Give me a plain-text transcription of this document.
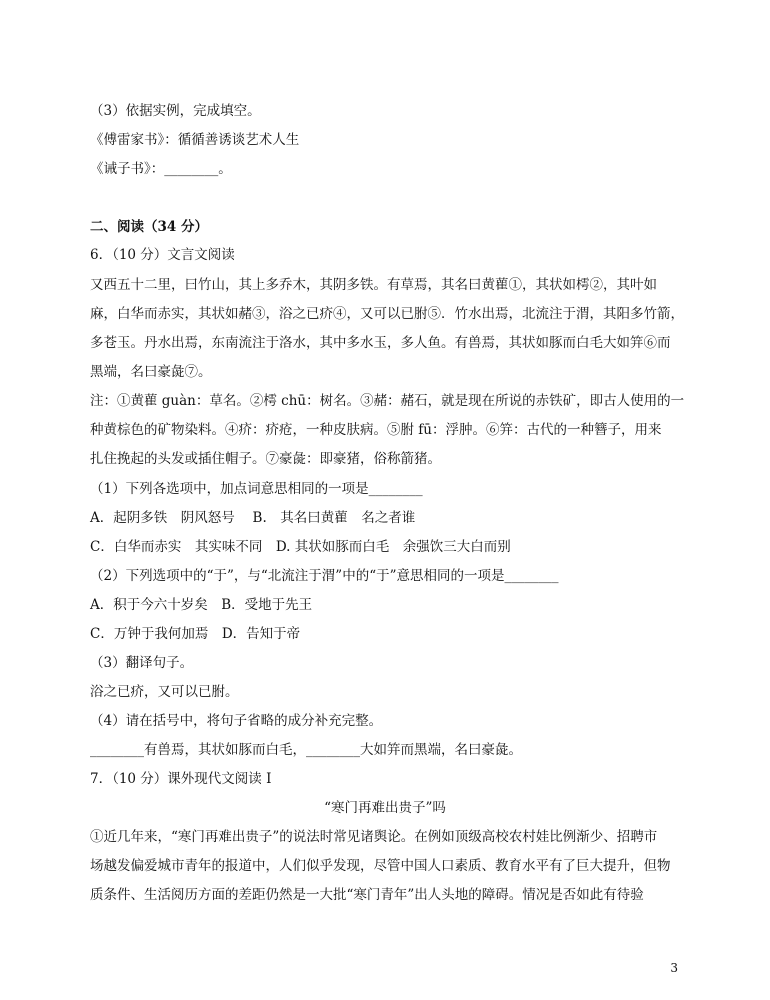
（3）依据实例，完成填空。
《傅雷家书》：循循善诱谈艺术人生
《诫子书》：________。
二、阅读（34 分）
6．（10 分）文言文阅读
又西五十二里，曰竹山，其上多乔木，其阴多铁。有草焉，其名曰黄雚①，其状如樗②，其叶如
麻，白华而赤实，其状如赭③，浴之已疥④，又可以已胕⑤．竹水出焉，北流注于渭，其阳多竹箭，
多苍玉。丹水出焉，东南流注于洛水，其中多水玉，多人鱼。有兽焉，其状如豚而白毛大如笄⑥而
黑端，名曰豪彘⑦。
注：①黄雚 guàn：草名。②樗 chū：树名。③赭：赭石，就是现在所说的赤铁矿，即古人使用的一
种黄棕色的矿物染料。④疥：疥疮，一种皮肤病。⑤胕 fū：浮肿。⑥笄：古代的一种簪子，用来
扎住挽起的头发或插住帽子。⑦豪彘：即豪猪，俗称箭猪。
（1）下列各选项中，加点词意思相同的一项是________
A．起阴多铁　阴风怒号　 B.　其名曰黄雚　名之者谁
C．白华而赤实　其实味不同　D. 其状如豚而白毛　余强饮三大白而别
（2）下列选项中的“于”，与“北流注于渭”中的“于”意思相同的一项是________
A．积于今六十岁矣　B．受地于先王
C．万钟于我何加焉　D．告知于帝
（3）翻译句子。
浴之已疥，又可以已胕。
（4）请在括号中，将句子省略的成分补充完整。
________有兽焉，其状如豚而白毛，________大如笄而黑端，名曰豪彘。
7．（10 分）课外现代文阅读 I
“寒门再难出贵子”吗
①近几年来，“寒门再难出贵子”的说法时常见诸舆论。在例如顶级高校农村娃比例渐少、招聘市
场越发偏爱城市青年的报道中，人们似乎发现，尽管中国人口素质、教育水平有了巨大提升，但物
质条件、生活阅历方面的差距仍然是一大批“寒门青年”出人头地的障碍。情况是否如此有待验
3
